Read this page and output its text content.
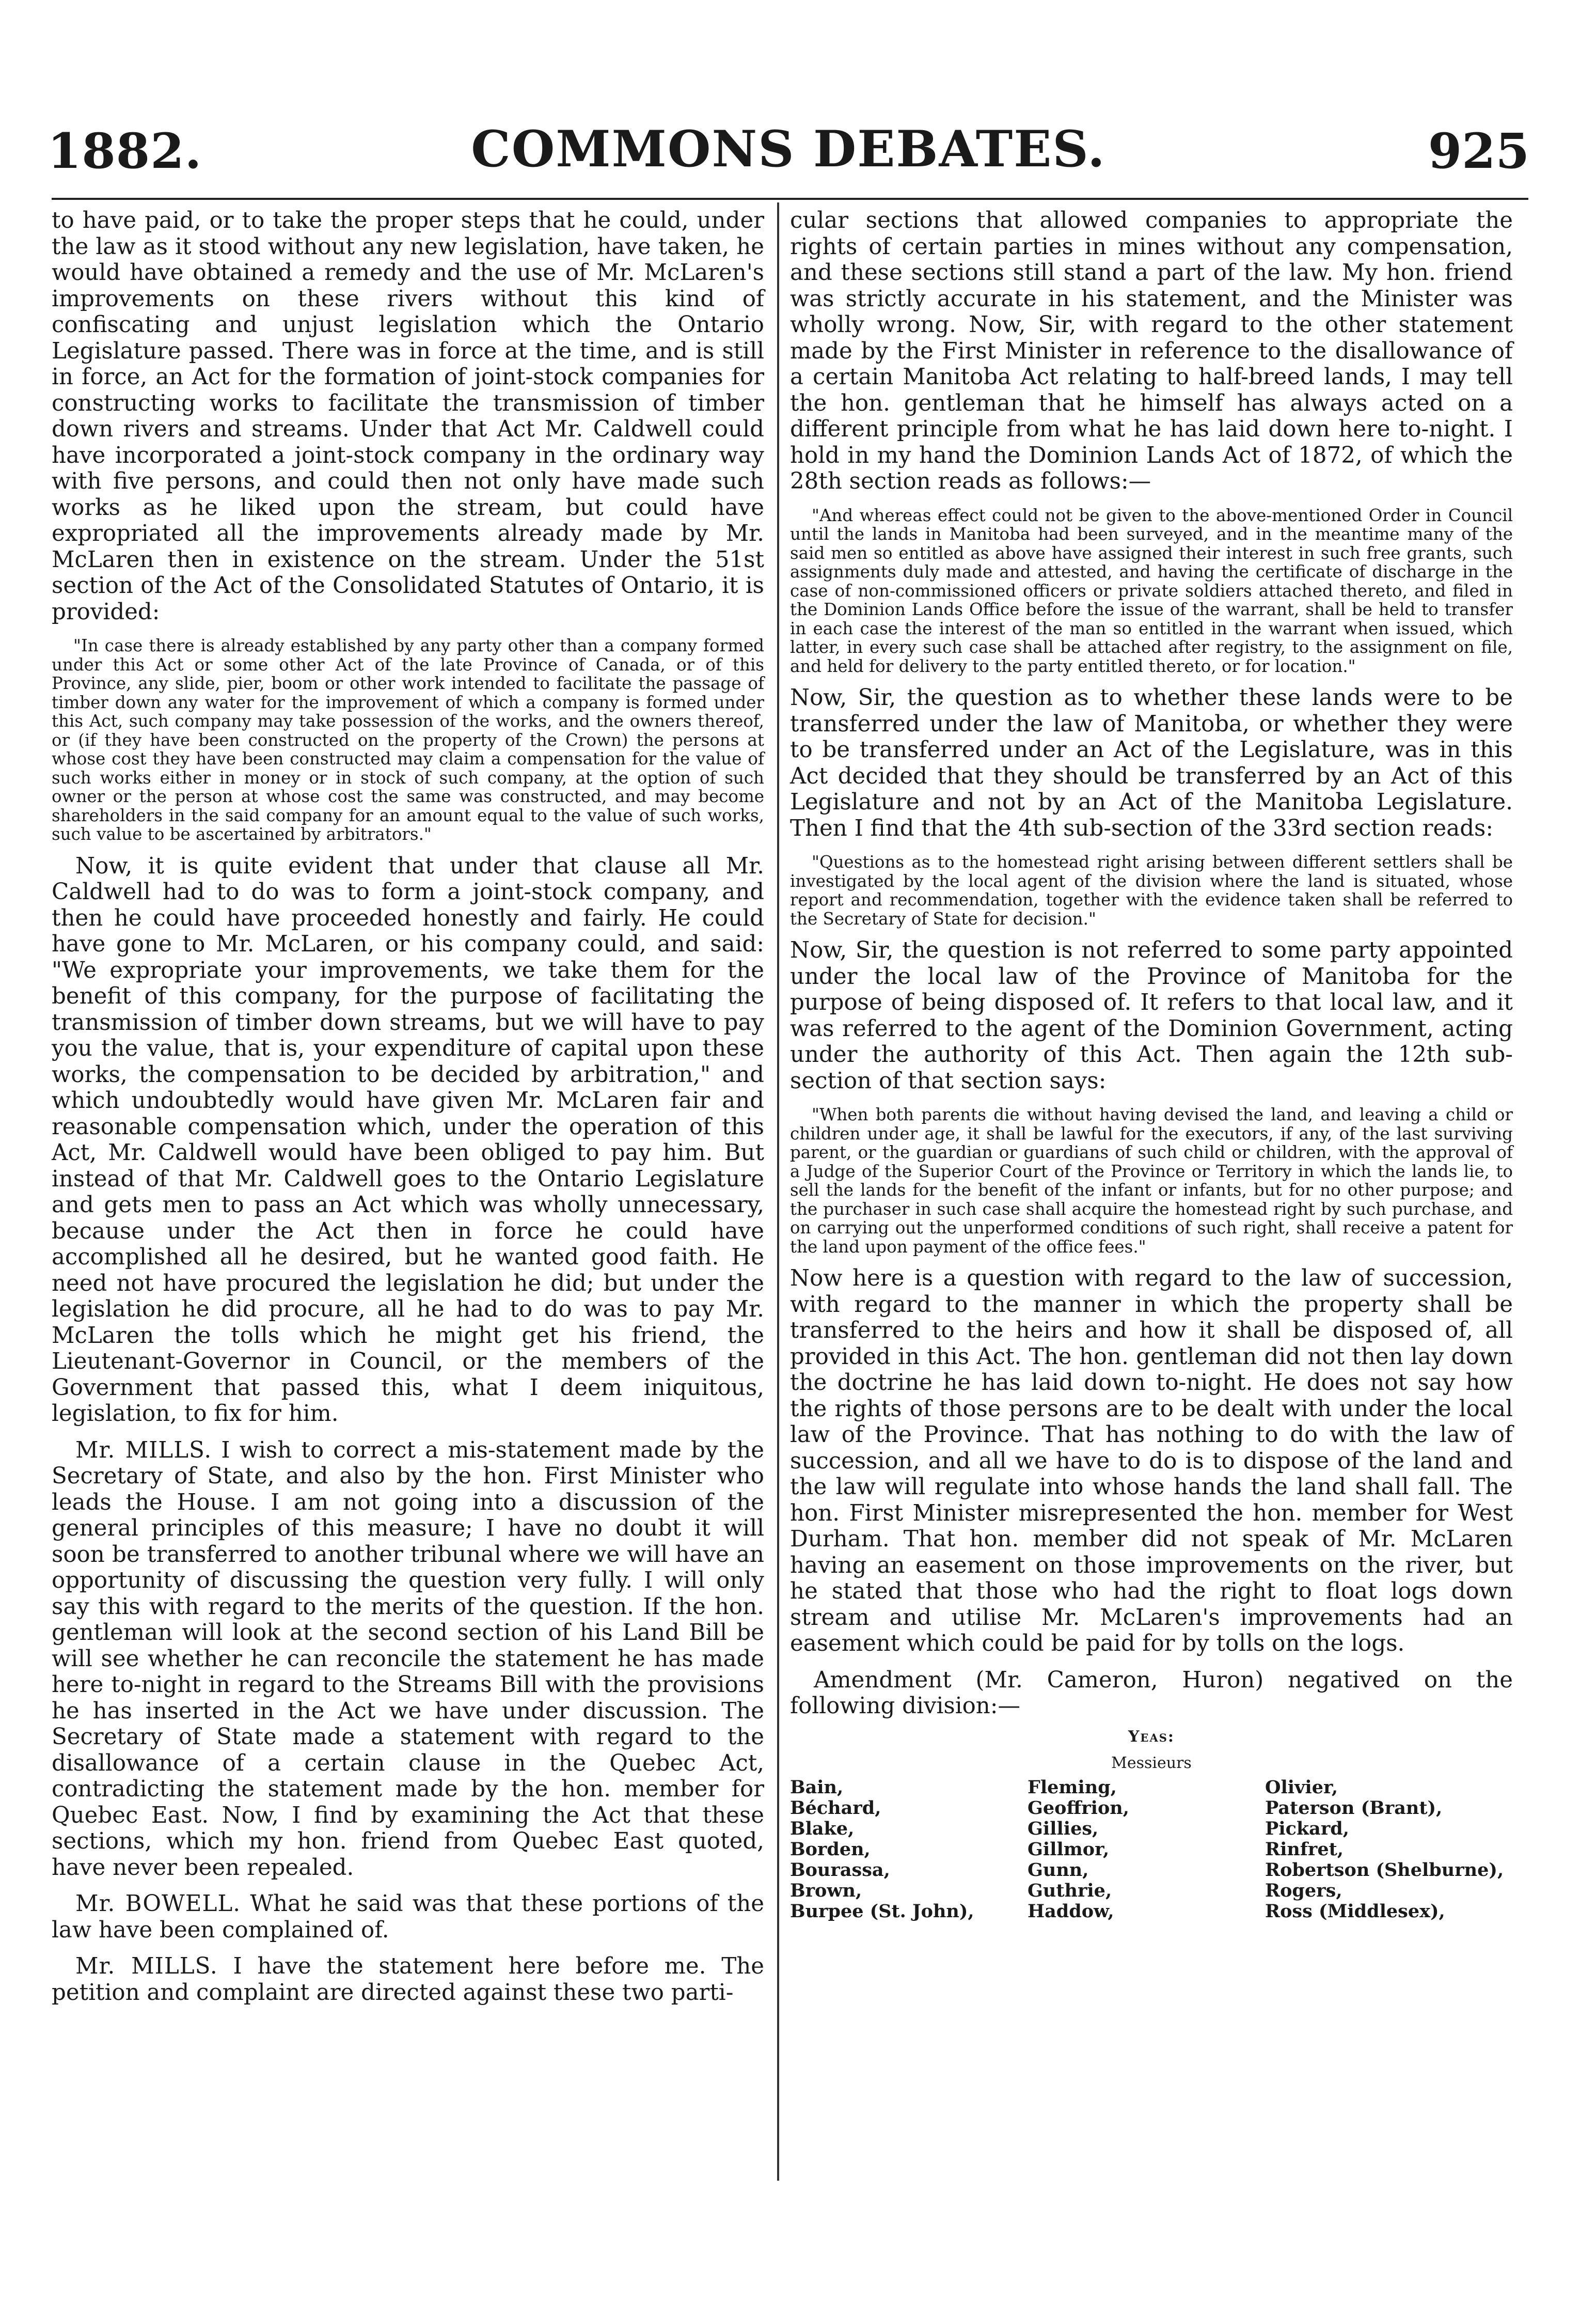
1882.	COMMONS DEBATES.	925

to have paid, or to take the proper steps that he could, under the law as it stood without any new legislation, have taken, he would have obtained a remedy and the use of Mr. McLaren's improvements on these rivers without this kind of confiscating and unjust legislation which the Ontario Legislature passed. There was in force at the time, and is still in force, an Act for the formation of joint-stock companies for constructing works to facilitate the transmission of timber down rivers and streams. Under that Act Mr. Caldwell could have incorporated a joint-stock company in the ordinary way with five persons, and could then not only have made such works as he liked upon the stream, but could have expropriated all the improvements already made by Mr. McLaren then in existence on the stream. Under the 51st section of the Act of the Consolidated Statutes of Ontario, it is provided:

"In case there is already established by any party other than a company formed under this Act or some other Act of the late Province of Canada, or of this Province, any slide, pier, boom or other work intended to facilitate the passage of timber down any water for the improvement of which a company is formed under this Act, such company may take possession of the works, and the owners thereof, or (if they have been constructed on the property of the Crown) the persons at whose cost they have been constructed may claim a compensation for the value of such works either in money or in stock of such company, at the option of such owner or the person at whose cost the same was constructed, and may become shareholders in the said company for an amount equal to the value of such works, such value to be ascertained by arbitrators."

Now, it is quite evident that under that clause all Mr. Caldwell had to do was to form a joint-stock company, and then he could have proceeded honestly and fairly. He could have gone to Mr. McLaren, or his company could, and said: "We expropriate your improvements, we take them for the benefit of this company, for the purpose of facilitating the transmission of timber down streams, but we will have to pay you the value, that is, your expenditure of capital upon these works, the compensation to be decided by arbitration," and which undoubtedly would have given Mr. McLaren fair and reasonable compensation which, under the operation of this Act, Mr. Caldwell would have been obliged to pay him. But instead of that Mr. Caldwell goes to the Ontario Legislature and gets men to pass an Act which was wholly unnecessary, because under the Act then in force he could have accomplished all he desired, but he wanted good faith. He need not have procured the legislation he did; but under the legislation he did procure, all he had to do was to pay Mr. McLaren the tolls which he might get his friend, the Lieutenant-Governor in Council, or the members of the Government that passed this, what I deem iniquitous, legislation, to fix for him.

Mr. MILLS. I wish to correct a mis-statement made by the Secretary of State, and also by the hon. First Minister who leads the House. I am not going into a discussion of the general principles of this measure; I have no doubt it will soon be transferred to another tribunal where we will have an opportunity of discussing the question very fully. I will only say this with regard to the merits of the question. If the hon. gentleman will look at the second section of his Land Bill be will see whether he can reconcile the statement he has made here to-night in regard to the Streams Bill with the provisions he has inserted in the Act we have under discussion. The Secretary of State made a statement with regard to the disallowance of a certain clause in the Quebec Act, contradicting the statement made by the hon. member for Quebec East. Now, I find by examining the Act that these sections, which my hon. friend from Quebec East quoted, have never been repealed.

Mr. BOWELL. What he said was that these portions of the law have been complained of.

Mr. MILLS. I have the statement here before me. The petition and complaint are directed against these two parti-

cular sections that allowed companies to appropriate the rights of certain parties in mines without any compensation, and these sections still stand a part of the law. My hon. friend was strictly accurate in his statement, and the Minister was wholly wrong. Now, Sir, with regard to the other statement made by the First Minister in reference to the disallowance of a certain Manitoba Act relating to half-breed lands, I may tell the hon. gentleman that he himself has always acted on a different principle from what he has laid down here to-night. I hold in my hand the Dominion Lands Act of 1872, of which the 28th section reads as follows:—

"And whereas effect could not be given to the above-mentioned Order in Council until the lands in Manitoba had been surveyed, and in the meantime many of the said men so entitled as above have assigned their interest in such free grants, such assignments duly made and attested, and having the certificate of discharge in the case of non-commissioned officers or private soldiers attached thereto, and filed in the Dominion Lands Office before the issue of the warrant, shall be held to transfer in each case the interest of the man so entitled in the warrant when issued, which latter, in every such case shall be attached after registry, to the assignment on file, and held for delivery to the party entitled thereto, or for location."

Now, Sir, the question as to whether these lands were to be transferred under the law of Manitoba, or whether they were to be transferred under an Act of the Legislature, was in this Act decided that they should be transferred by an Act of this Legislature and not by an Act of the Manitoba Legislature. Then I find that the 4th sub-section of the 33rd section reads:

"Questions as to the homestead right arising between different settlers shall be investigated by the local agent of the division where the land is situated, whose report and recommendation, together with the evidence taken shall be referred to the Secretary of State for decision."

Now, Sir, the question is not referred to some party appointed under the local law of the Province of Manitoba for the purpose of being disposed of. It refers to that local law, and it was referred to the agent of the Dominion Government, acting under the authority of this Act. Then again the 12th sub-section of that section says:

"When both parents die without having devised the land, and leaving a child or children under age, it shall be lawful for the executors, if any, of the last surviving parent, or the guardian or guardians of such child or children, with the approval of a Judge of the Superior Court of the Province or Territory in which the lands lie, to sell the lands for the benefit of the infant or infants, but for no other purpose; and the purchaser in such case shall acquire the homestead right by such purchase, and on carrying out the unperformed conditions of such right, shall receive a patent for the land upon payment of the office fees."

Now here is a question with regard to the law of succession, with regard to the manner in which the property shall be transferred to the heirs and how it shall be disposed of, all provided in this Act. The hon. gentleman did not then lay down the doctrine he has laid down to-night. He does not say how the rights of those persons are to be dealt with under the local law of the Province. That has nothing to do with the law of succession, and all we have to do is to dispose of the land and the law will regulate into whose hands the land shall fall. The hon. First Minister misrepresented the hon. member for West Durham. That hon. member did not speak of Mr. McLaren having an easement on those improvements on the river, but he stated that those who had the right to float logs down stream and utilise Mr. McLaren's improvements had an easement which could be paid for by tolls on the logs.

Amendment (Mr. Cameron, Huron) negatived on the following division:—

Yeas:
Messieurs
Bain,	Fleming,	Olivier,
Béchard,	Geoffrion,	Paterson (Brant),
Blake,	Gillies,	Pickard,
Borden,	Gillmor,	Rinfret,
Bourassa,	Gunn,	Robertson (Shelburne),
Brown,	Guthrie,	Rogers,
Burpee (St. John),	Haddow,	Ross (Middlesex),
